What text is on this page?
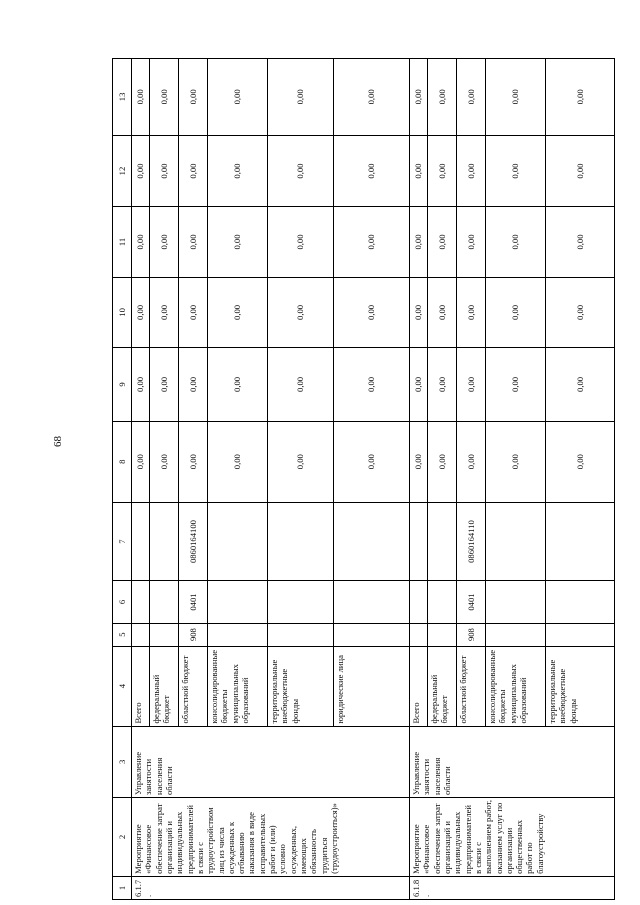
68
1	2	3	4	5	6	7	8	9	10	11	12	13
6.1.7.	Мероприятие «Финансовое обеспечение затрат организаций и индивидуальных предпринимателей в связи с трудоустройством лиц из числа осужденных к отбыванию наказания в виде исправительных работ и (или) условно осужденных, имеющих обязанность трудиться (трудоустроиться)»	Управление занятости населения области	Всего				0,00	0,00	0,00	0,00	0,00	0,00
			федеральный бюджет				0,00	0,00	0,00	0,00	0,00	0,00
			областной бюджет	908	0401	0860164100	0,00	0,00	0,00	0,00	0,00	0,00
			консолидированные бюджеты муниципальных образований				0,00	0,00	0,00	0,00	0,00	0,00
			территориальные внебюджетные фонды				0,00	0,00	0,00	0,00	0,00	0,00
			юридические лица				0,00	0,00	0,00	0,00	0,00	0,00
6.1.8.	Мероприятие «Финансовое обеспечение затрат организаций и индивидуальных предпринимателей в связи с выполнением работ, оказанием услуг по организации общественных работ по благоустройству	Управление занятости населения области	Всего				0,00	0,00	0,00	0,00	0,00	0,00
			федеральный бюджет				0,00	0,00	0,00	0,00	0,00	0,00
			областной бюджет	908	0401	0860164110	0,00	0,00	0,00	0,00	0,00	0,00
			консолидированные бюджеты муниципальных образований				0,00	0,00	0,00	0,00	0,00	0,00
			территориальные внебюджетные фонды				0,00	0,00	0,00	0,00	0,00	0,00
